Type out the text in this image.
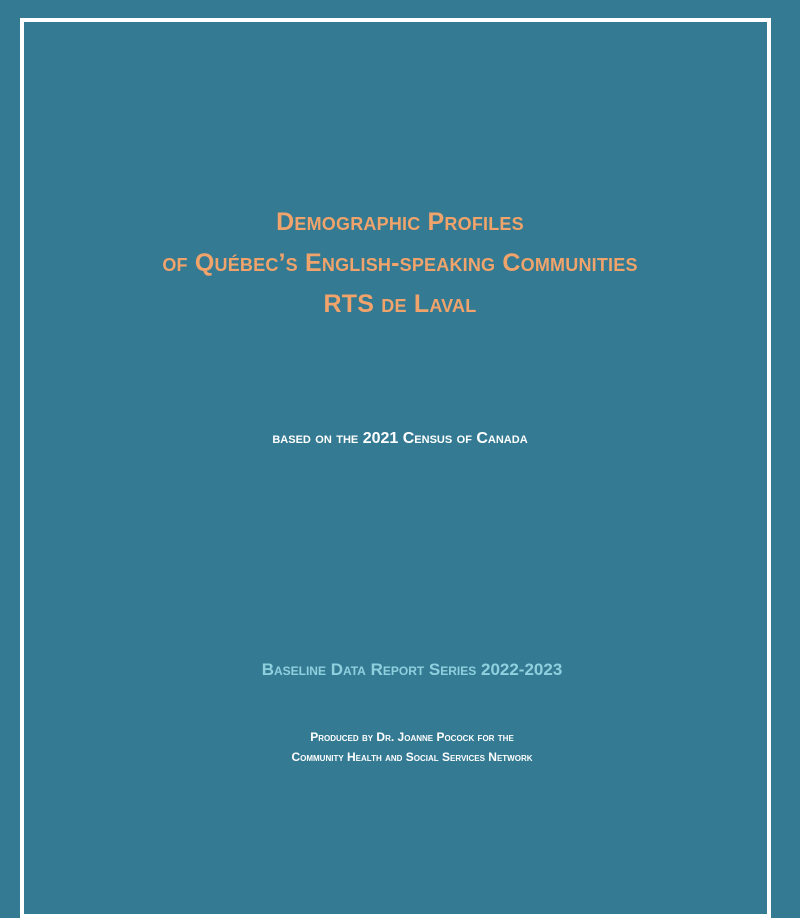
Demographic Profiles
of Québec’s English-speaking Communities
RTS de Laval
based on the 2021 Census of Canada
Baseline Data Report Series 2022-2023
Produced by Dr. Joanne Pocock for the
Community Health and Social Services Network
